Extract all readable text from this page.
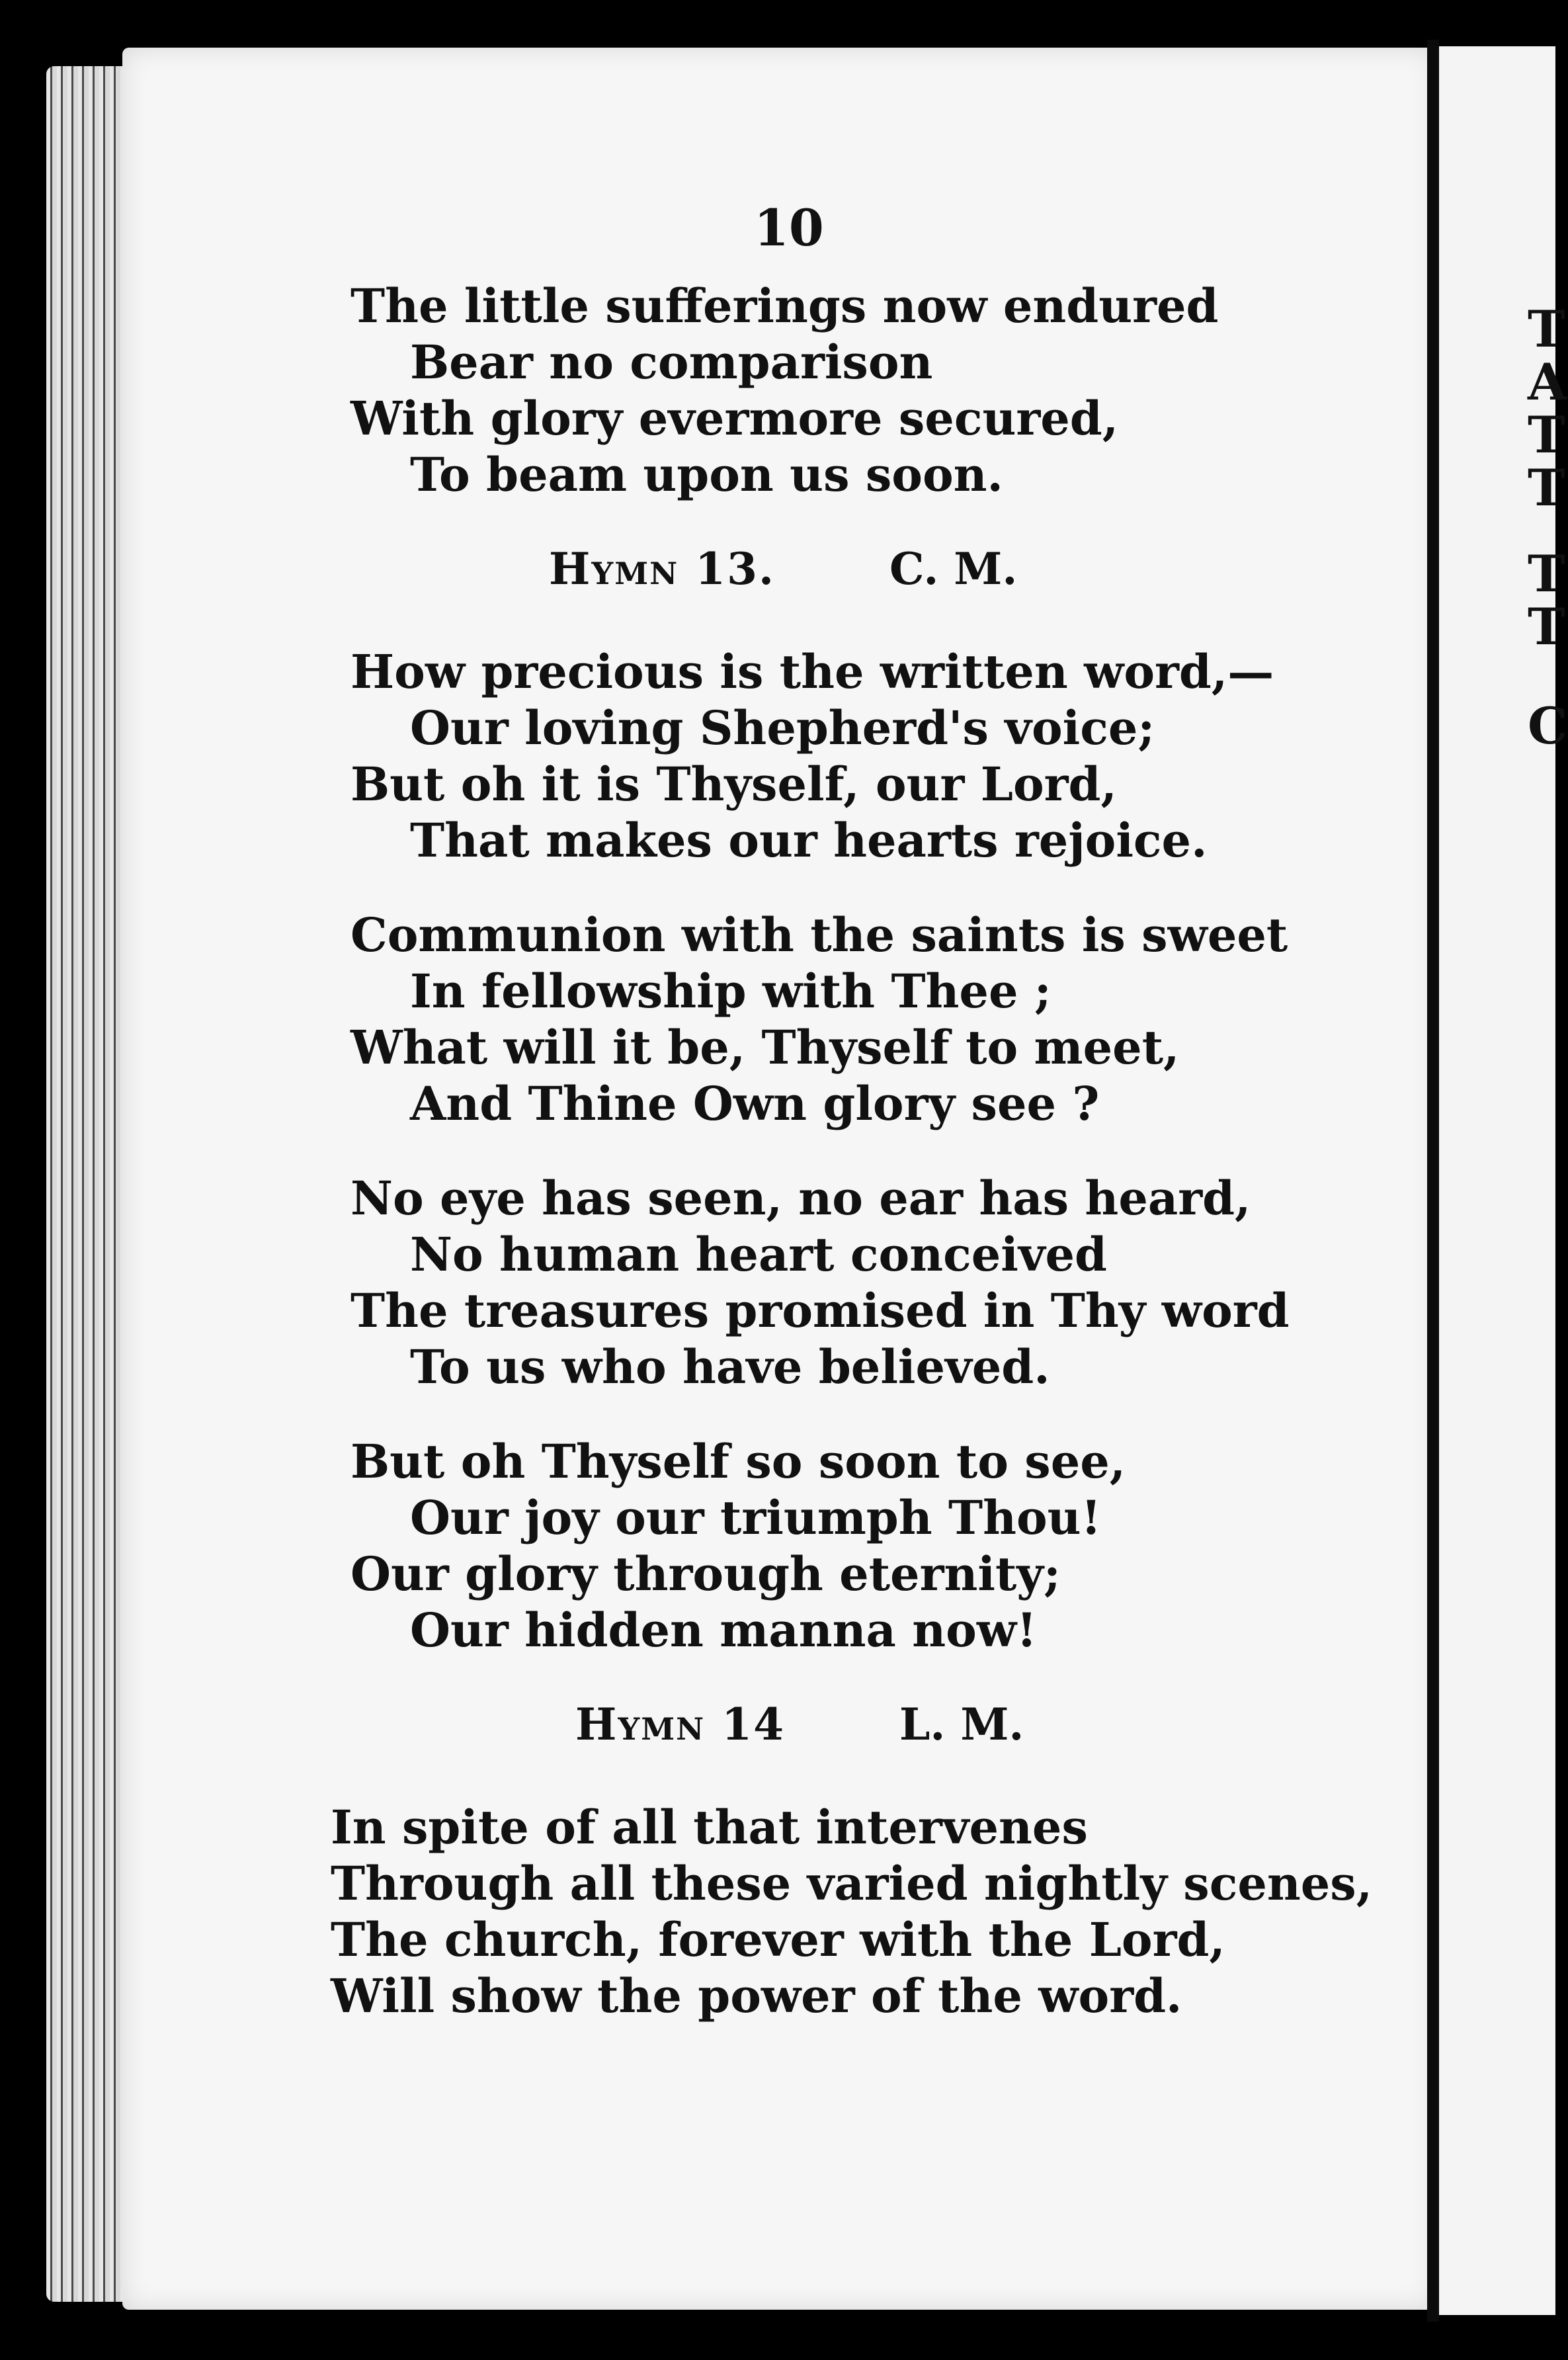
T
A
T
T
T
T
C
10
The little sufferings now endured
Bear no comparison
With glory evermore secured,
To beam upon us soon.
Hymn 13.	C. M.
How precious is the written word,—
Our loving Shepherd's voice;
But oh it is Thyself, our Lord,
That makes our hearts rejoice.
Communion with the saints is sweet
In fellowship with Thee ;
What will it be, Thyself to meet,
And Thine Own glory see ?
No eye has seen, no ear has heard,
No human heart conceived
The treasures promised in Thy word
To us who have believed.
But oh Thyself so soon to see,
Our joy our triumph Thou!
Our glory through eternity;
Our hidden manna now!
Hymn 14	L. M.
In spite of all that intervenes
Through all these varied nightly scenes,
The church, forever with the Lord,
Will show the power of the word.
